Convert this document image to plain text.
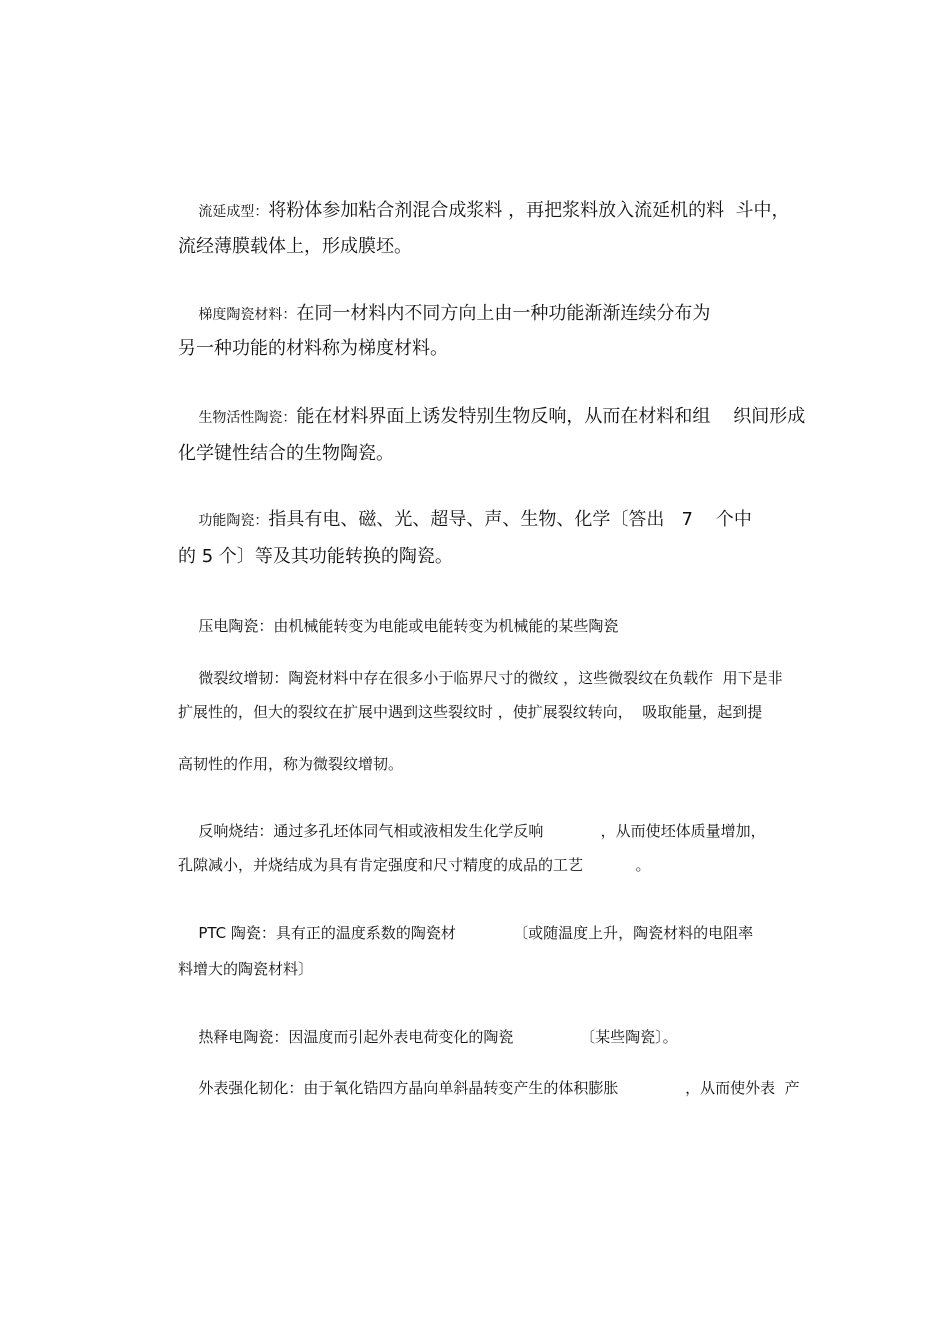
流延成型：将粉体参加粘合剂混合成浆料 ，再把浆料放入流延机的料  斗中，

流经薄膜载体上，形成膜坯。

梯度陶瓷材料：在同一材料内不同方向上由一种功能渐渐连续分布为

另一种功能的材料称为梯度材料。

生物活性陶瓷：能在材料界面上诱发特别生物反响，从而在材料和组    织间形成

化学键性结合的生物陶瓷。

功能陶瓷：指具有电、磁、光、超导、声、生物、化学〔答出   7    个中

的 5 个〕等及其功能转换的陶瓷。

压电陶瓷：由机械能转变为电能或电能转变为机械能的某些陶瓷

微裂纹增韧：陶瓷材料中存在很多小于临界尺寸的微纹 ，这些微裂纹在负载作  用下是非

扩展性的，但大的裂纹在扩展中遇到这些裂纹时 ，使扩展裂纹转向，  吸取能量，起到提
高韧性的作用，称为微裂纹增韧。

反响烧结：通过多孔坯体同气相或液相发生化学反响            ，从而使坯体质量增加，

孔隙减小，并烧结成为具有肯定强度和尺寸精度的成品的工艺           。

PTC 陶瓷：具有正的温度系数的陶瓷材            〔或随温度上升，陶瓷材料的电阻率

料增大的陶瓷材料〕

热释电陶瓷：因温度而引起外表电荷变化的陶瓷              〔某些陶瓷〕。

外表强化韧化：由于氧化锆四方晶向单斜晶转变产生的体积膨胀              ，从而使外表  产
